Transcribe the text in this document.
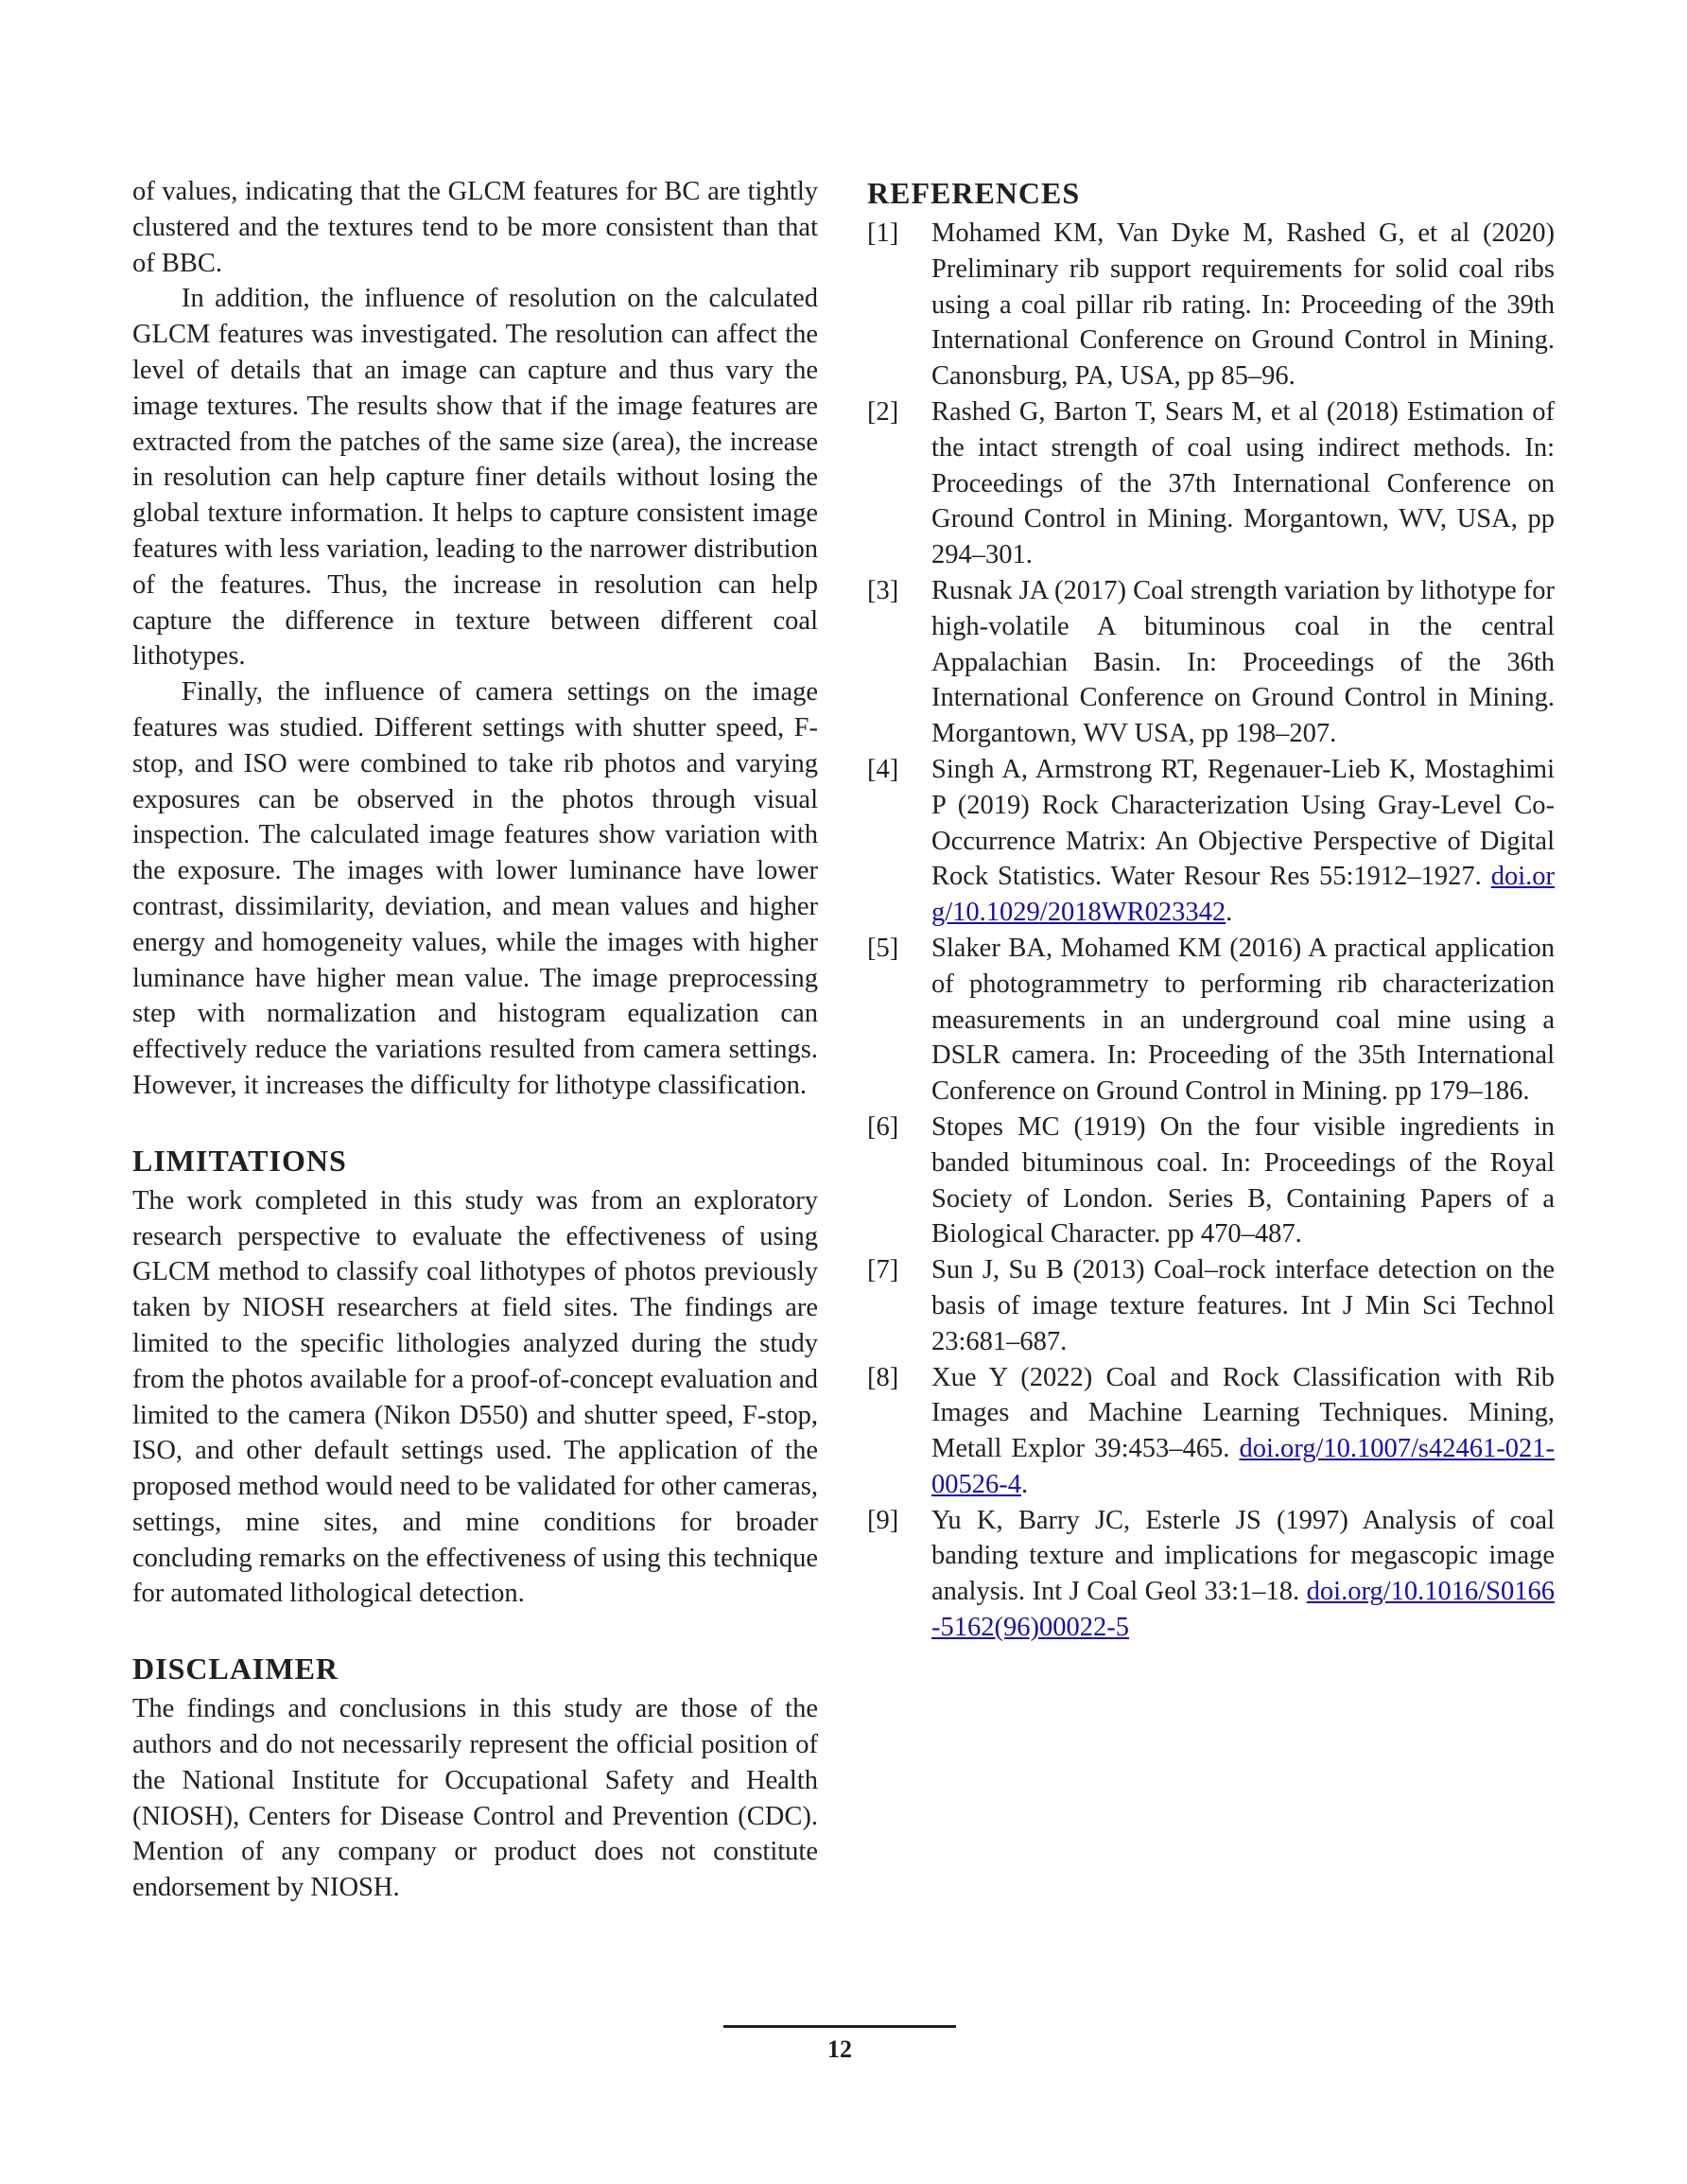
of values, indicating that the GLCM features for BC are tightly clustered and the textures tend to be more consistent than that of BBC.

In addition, the influence of resolution on the calculated GLCM features was investigated. The resolution can affect the level of details that an image can capture and thus vary the image textures. The results show that if the image features are extracted from the patches of the same size (area), the increase in resolution can help capture finer details without losing the global texture information. It helps to capture consistent image features with less variation, leading to the narrower distribution of the features. Thus, the increase in resolution can help capture the difference in texture between different coal lithotypes.

Finally, the influence of camera settings on the image features was studied. Different settings with shutter speed, F-stop, and ISO were combined to take rib photos and varying exposures can be observed in the photos through visual inspection. The calculated image features show variation with the exposure. The images with lower luminance have lower contrast, dissimilarity, deviation, and mean values and higher energy and homogeneity values, while the images with higher luminance have higher mean value. The image preprocessing step with normalization and histogram equalization can effectively reduce the variations resulted from camera settings. However, it increases the difficulty for lithotype classification.

LIMITATIONS

The work completed in this study was from an exploratory research perspective to evaluate the effectiveness of using GLCM method to classify coal lithotypes of photos previously taken by NIOSH researchers at field sites. The findings are limited to the specific lithologies analyzed during the study from the photos available for a proof-of-concept evaluation and limited to the camera (Nikon D550) and shutter speed, F-stop, ISO, and other default settings used. The application of the proposed method would need to be validated for other cameras, settings, mine sites, and mine conditions for broader concluding remarks on the effectiveness of using this technique for automated lithological detection.

DISCLAIMER

The findings and conclusions in this study are those of the authors and do not necessarily represent the official position of the National Institute for Occupational Safety and Health (NIOSH), Centers for Disease Control and Prevention (CDC). Mention of any company or product does not constitute endorsement by NIOSH.

REFERENCES
[1]	Mohamed KM, Van Dyke M, Rashed G, et al (2020) Preliminary rib support requirements for solid coal ribs using a coal pillar rib rating. In: Proceeding of the 39th International Conference on Ground Control in Mining. Canonsburg, PA, USA, pp 85–96.
[2]	Rashed G, Barton T, Sears M, et al (2018) Estimation of the intact strength of coal using indirect methods. In: Proceedings of the 37th International Conference on Ground Control in Mining. Morgantown, WV, USA, pp 294–301.
[3]	Rusnak JA (2017) Coal strength variation by lithotype for high-volatile A bituminous coal in the central Appalachian Basin. In: Proceedings of the 36th International Conference on Ground Control in Mining. Morgantown, WV USA, pp 198–207.
[4]	Singh A, Armstrong RT, Regenauer-Lieb K, Mostaghimi P (2019) Rock Characterization Using Gray-Level Co-Occurrence Matrix: An Objective Perspective of Digital Rock Statistics. Water Resour Res 55:1912–1927. doi.org/10.1029/2018WR023342.
[5]	Slaker BA, Mohamed KM (2016) A practical application of photogrammetry to performing rib characterization measurements in an underground coal mine using a DSLR camera. In: Proceeding of the 35th International Conference on Ground Control in Mining. pp 179–186.
[6]	Stopes MC (1919) On the four visible ingredients in banded bituminous coal. In: Proceedings of the Royal Society of London. Series B, Containing Papers of a Biological Character. pp 470–487.
[7]	Sun J, Su B (2013) Coal–rock interface detection on the basis of image texture features. Int J Min Sci Technol 23:681–687.
[8]	Xue Y (2022) Coal and Rock Classification with Rib Images and Machine Learning Techniques. Mining, Metall Explor 39:453–465. doi.org/10.1007/s42461-021-00526-4.
[9]	Yu K, Barry JC, Esterle JS (1997) Analysis of coal banding texture and implications for megascopic image analysis. Int J Coal Geol 33:1–18. doi.org/10.1016/S0166-5162(96)00022-5
12
